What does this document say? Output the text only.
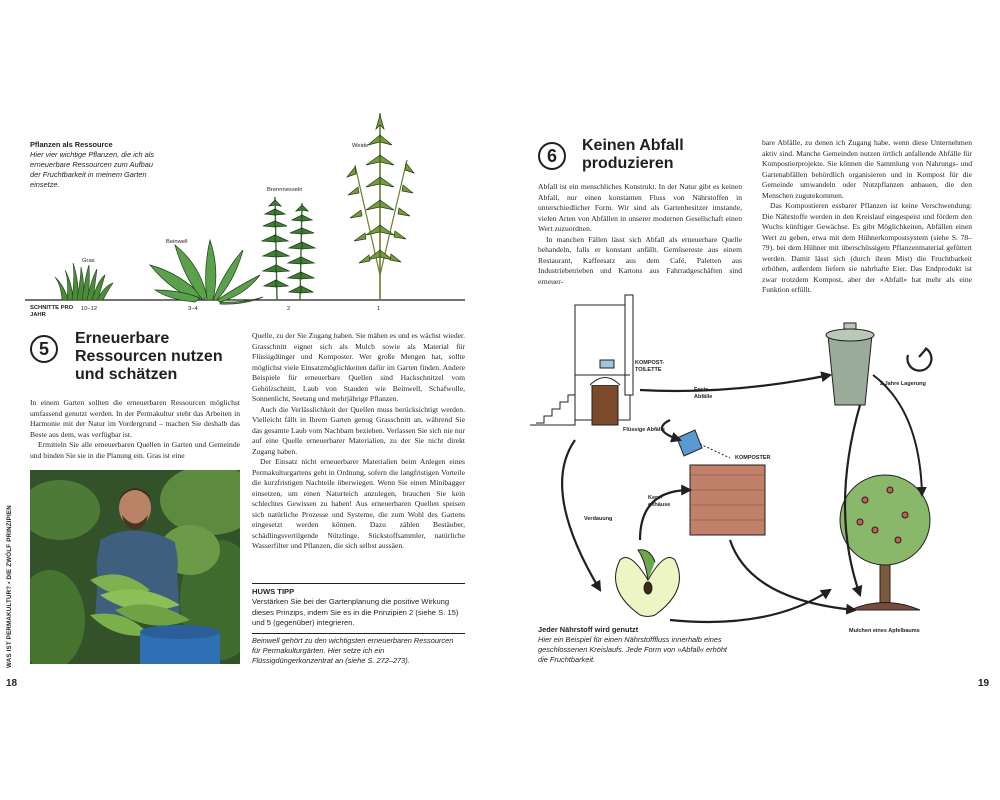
Pflanzen als Ressource
Hier vier wichtige Pflanzen, die ich als erneuerbare Ressourcen zum Aufbau der Fruchtbarkeit in meinem Garten einsetze.
Gras
Beinwell
Brennnesseln
Weide
SCHNITTE PRO
JAHR
10–12	3–4	2	1
5	Erneuerbare
Ressourcen nutzen
und schätzen

In einem Garten sollten die erneuerbaren Ressourcen möglichst umfassend genutzt werden. In der Permakultur steht das Arbeiten in Harmonie mit der Natur im Vordergrund – machen Sie deshalb das Beste aus dem, was verfügbar ist.

Ermitteln Sie alle erneuerbaren Quellen in Garten und Gemeinde und binden Sie sie in die Planung ein. Gras ist eine

Quelle, zu der Sie Zugang haben. Sie mähen es und es wächst wieder. Grasschnitt eignet sich als Mulch sowie als Material für Flüssigdünger und Komposter. Wer große Mengen hat, sollte möglichst viele Einsatzmöglichkeiten dafür im Garten finden. Andere Beispiele für erneuerbare Quellen sind Hackschnitzel vom Gehölzschnitt, Laub von Stauden wie Beinwell, Schafwolle, Sonnenlicht, Seetang und mehrjährige Pflanzen.

Auch die Verlässlichkeit der Quellen muss berücksichtigt werden. Vielleicht fällt in Ihrem Garten genug Grasschnitt an, während Sie das gesamte Laub vom Nachbarn beziehen. Verlassen Sie sich nie nur auf eine Quelle erneuerbarer Materialien, zu der Sie nicht direkt Zugang haben.

Der Einsatz nicht erneuerbarer Materialien beim Anlegen eines Permakulturgartens geht in Ordnung, sofern die langfristigen Vorteile die kurzfristigen Nachteile überwiegen. Wenn Sie einen Minibagger einsetzen, um einen Naturteich anzulegen, brauchen Sie kein schlechtes Gewissen zu haben! Aus erneuerbaren Quellen speisen sich natürliche Prozesse und Systeme, die zum Wohl des Gartens eingesetzt werden können. Dazu zählen Bestäuber, schädlingsvertilgende Nützlinge, Stickstoffsammler, natürliche Wasserfilter und Pflanzen, die sich selbst aussäen.

HUWS TIPP
Verstärken Sie bei der Gartenplanung die positive Wirkung dieses Prinzips, indem Sie es in die Prinzipien 2 (siehe S. 15) und 5 (gegenüber) integrieren.
Beinwell gehört zu den wichtigsten erneuerbaren Ressourcen für Permakulturgärten. Hier setze ich ein Flüssigdüngerkonzentrat an (siehe S. 272–273).
WAS IST PERMAKULTUR? • DIE ZWÖLF PRINZIPIEN
18
6	Keinen Abfall
produzieren

Abfall ist ein menschliches Konstrukt. In der Natur gibt es keinen Abfall, nur einen konstanten Fluss von Nährstoffen in unterschiedlicher Form. Wir sind als Gartenbesitzer imstande, vielen Arten von Abfällen in unserer modernen Gesellschaft einen Wert zuzuordnen.

In manchen Fällen lässt sich Abfall als erneuerbare Quelle behandeln, falls er konstant anfällt. Gemüsereste aus einem Restaurant, Kaffeesatz aus dem Café, Paletten aus Industriebetrieben und Kartons aus Fahrradgeschäften sind erneuer-

bare Abfälle, zu denen ich Zugang habe, wenn diese Unternehmen aktiv sind. Manche Gemeinden nutzen örtlich anfallende Abfälle für Kompostierprojekte. Sie können die Sammlung von Nahrungs- und Gartenabfällen behördlich organisieren und in Kompost für die Gemeinde umwandeln oder Nutzpflanzen anbauen, die den Menschen zugutekommen.

Das Kompostieren essbarer Pflanzen ist keine Verschwendung: Die Nährstoffe werden in den Kreislauf eingespeist und fördern den Wuchs künftiger Gewächse. Es gibt Möglichkeiten, Abfällen einen Wert zu geben, etwa mit dem Hühnerkompostsystem (siehe S. 78–79), bei dem Hühner mit überschüssigem Pflanzenmaterial gefüttert werden. Damit lässt sich (durch ihren Mist) die Fruchtbarkeit erhöhen, außerdem liefern sie nahrhafte Eier. Das Endprodukt ist zwar trotzdem Kompost, aber der »Abfall« hat mehr als eine Funktion erfüllt.

KOMPOST-
TOILETTE
Feste
Abfälle
2 Jahre Lagerung
Flüssige Abfälle
KOMPOSTER
Kern-
gehäuse
Verdauung
Mulchen eines Apfelbaums
Jeder Nährstoff wird genutzt
Hier ein Beispiel für einen Nährstofffluss innerhalb eines geschlossenen Kreislaufs. Jede Form von »Abfall« erhöht die Fruchtbarkeit.
19
